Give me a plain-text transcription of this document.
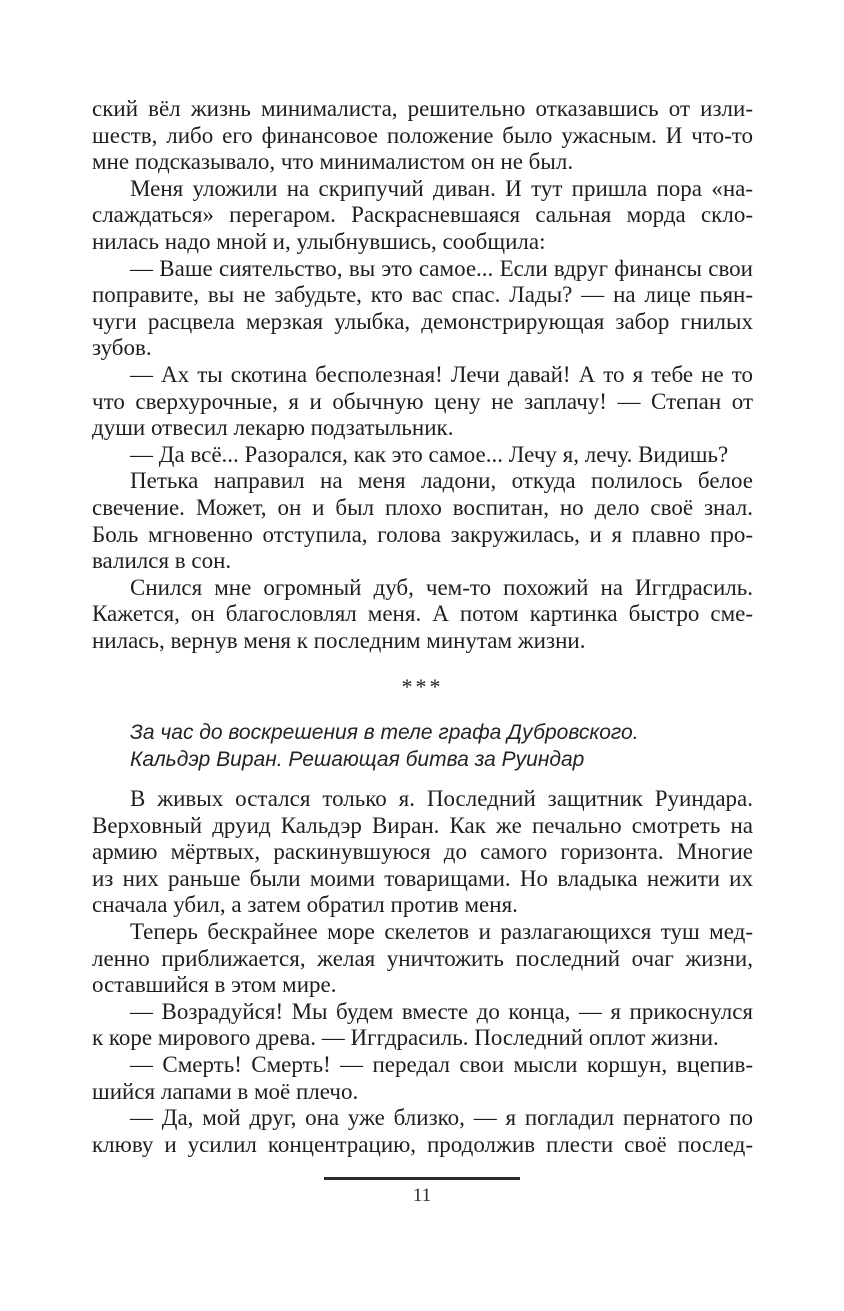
ский вёл жизнь минималиста, решительно отказавшись от изли-
шеств, либо его финансовое положение было ужасным. И что-то
мне подсказывало, что минималистом он не был.
Меня уложили на скрипучий диван. И тут пришла пора «на-
слаждаться» перегаром. Раскрасневшаяся сальная морда скло-
нилась надо мной и, улыбнувшись, сообщила:
— Ваше сиятельство, вы это самое... Если вдруг финансы свои
поправите, вы не забудьте, кто вас спас. Лады? — на лице пьян-
чуги расцвела мерзкая улыбка, демонстрирующая забор гнилых
зубов.
— Ах ты скотина бесполезная! Лечи давай! А то я тебе не то
что сверхурочные, я и обычную цену не заплачу! — Степан от
души отвесил лекарю подзатыльник.
— Да всё... Разорался, как это самое... Лечу я, лечу. Видишь?
Петька направил на меня ладони, откуда полилось белое
свечение. Может, он и был плохо воспитан, но дело своё знал.
Боль мгновенно отступила, голова закружилась, и я плавно про-
валился в сон.
Снился мне огромный дуб, чем-то похожий на Иггдрасиль.
Кажется, он благословлял меня. А потом картинка быстро сме-
нилась, вернув меня к последним минутам жизни.
***
За час до воскрешения в теле графа Дубровского.
Кальдэр Виран. Решающая битва за Руиндар
В живых остался только я. Последний защитник Руиндара.
Верховный друид Кальдэр Виран. Как же печально смотреть на
армию мёртвых, раскинувшуюся до самого горизонта. Многие
из них раньше были моими товарищами. Но владыка нежити их
сначала убил, а затем обратил против меня.
Теперь бескрайнее море скелетов и разлагающихся туш мед-
ленно приближается, желая уничтожить последний очаг жизни,
оставшийся в этом мире.
— Возрадуйся! Мы будем вместе до конца, — я прикоснулся
к коре мирового древа. — Иггдрасиль. Последний оплот жизни.
— Смерть! Смерть! — передал свои мысли коршун, вцепив-
шийся лапами в моё плечо.
— Да, мой друг, она уже близко, — я погладил пернатого по
клюву и усилил концентрацию, продолжив плести своё послед-
11
